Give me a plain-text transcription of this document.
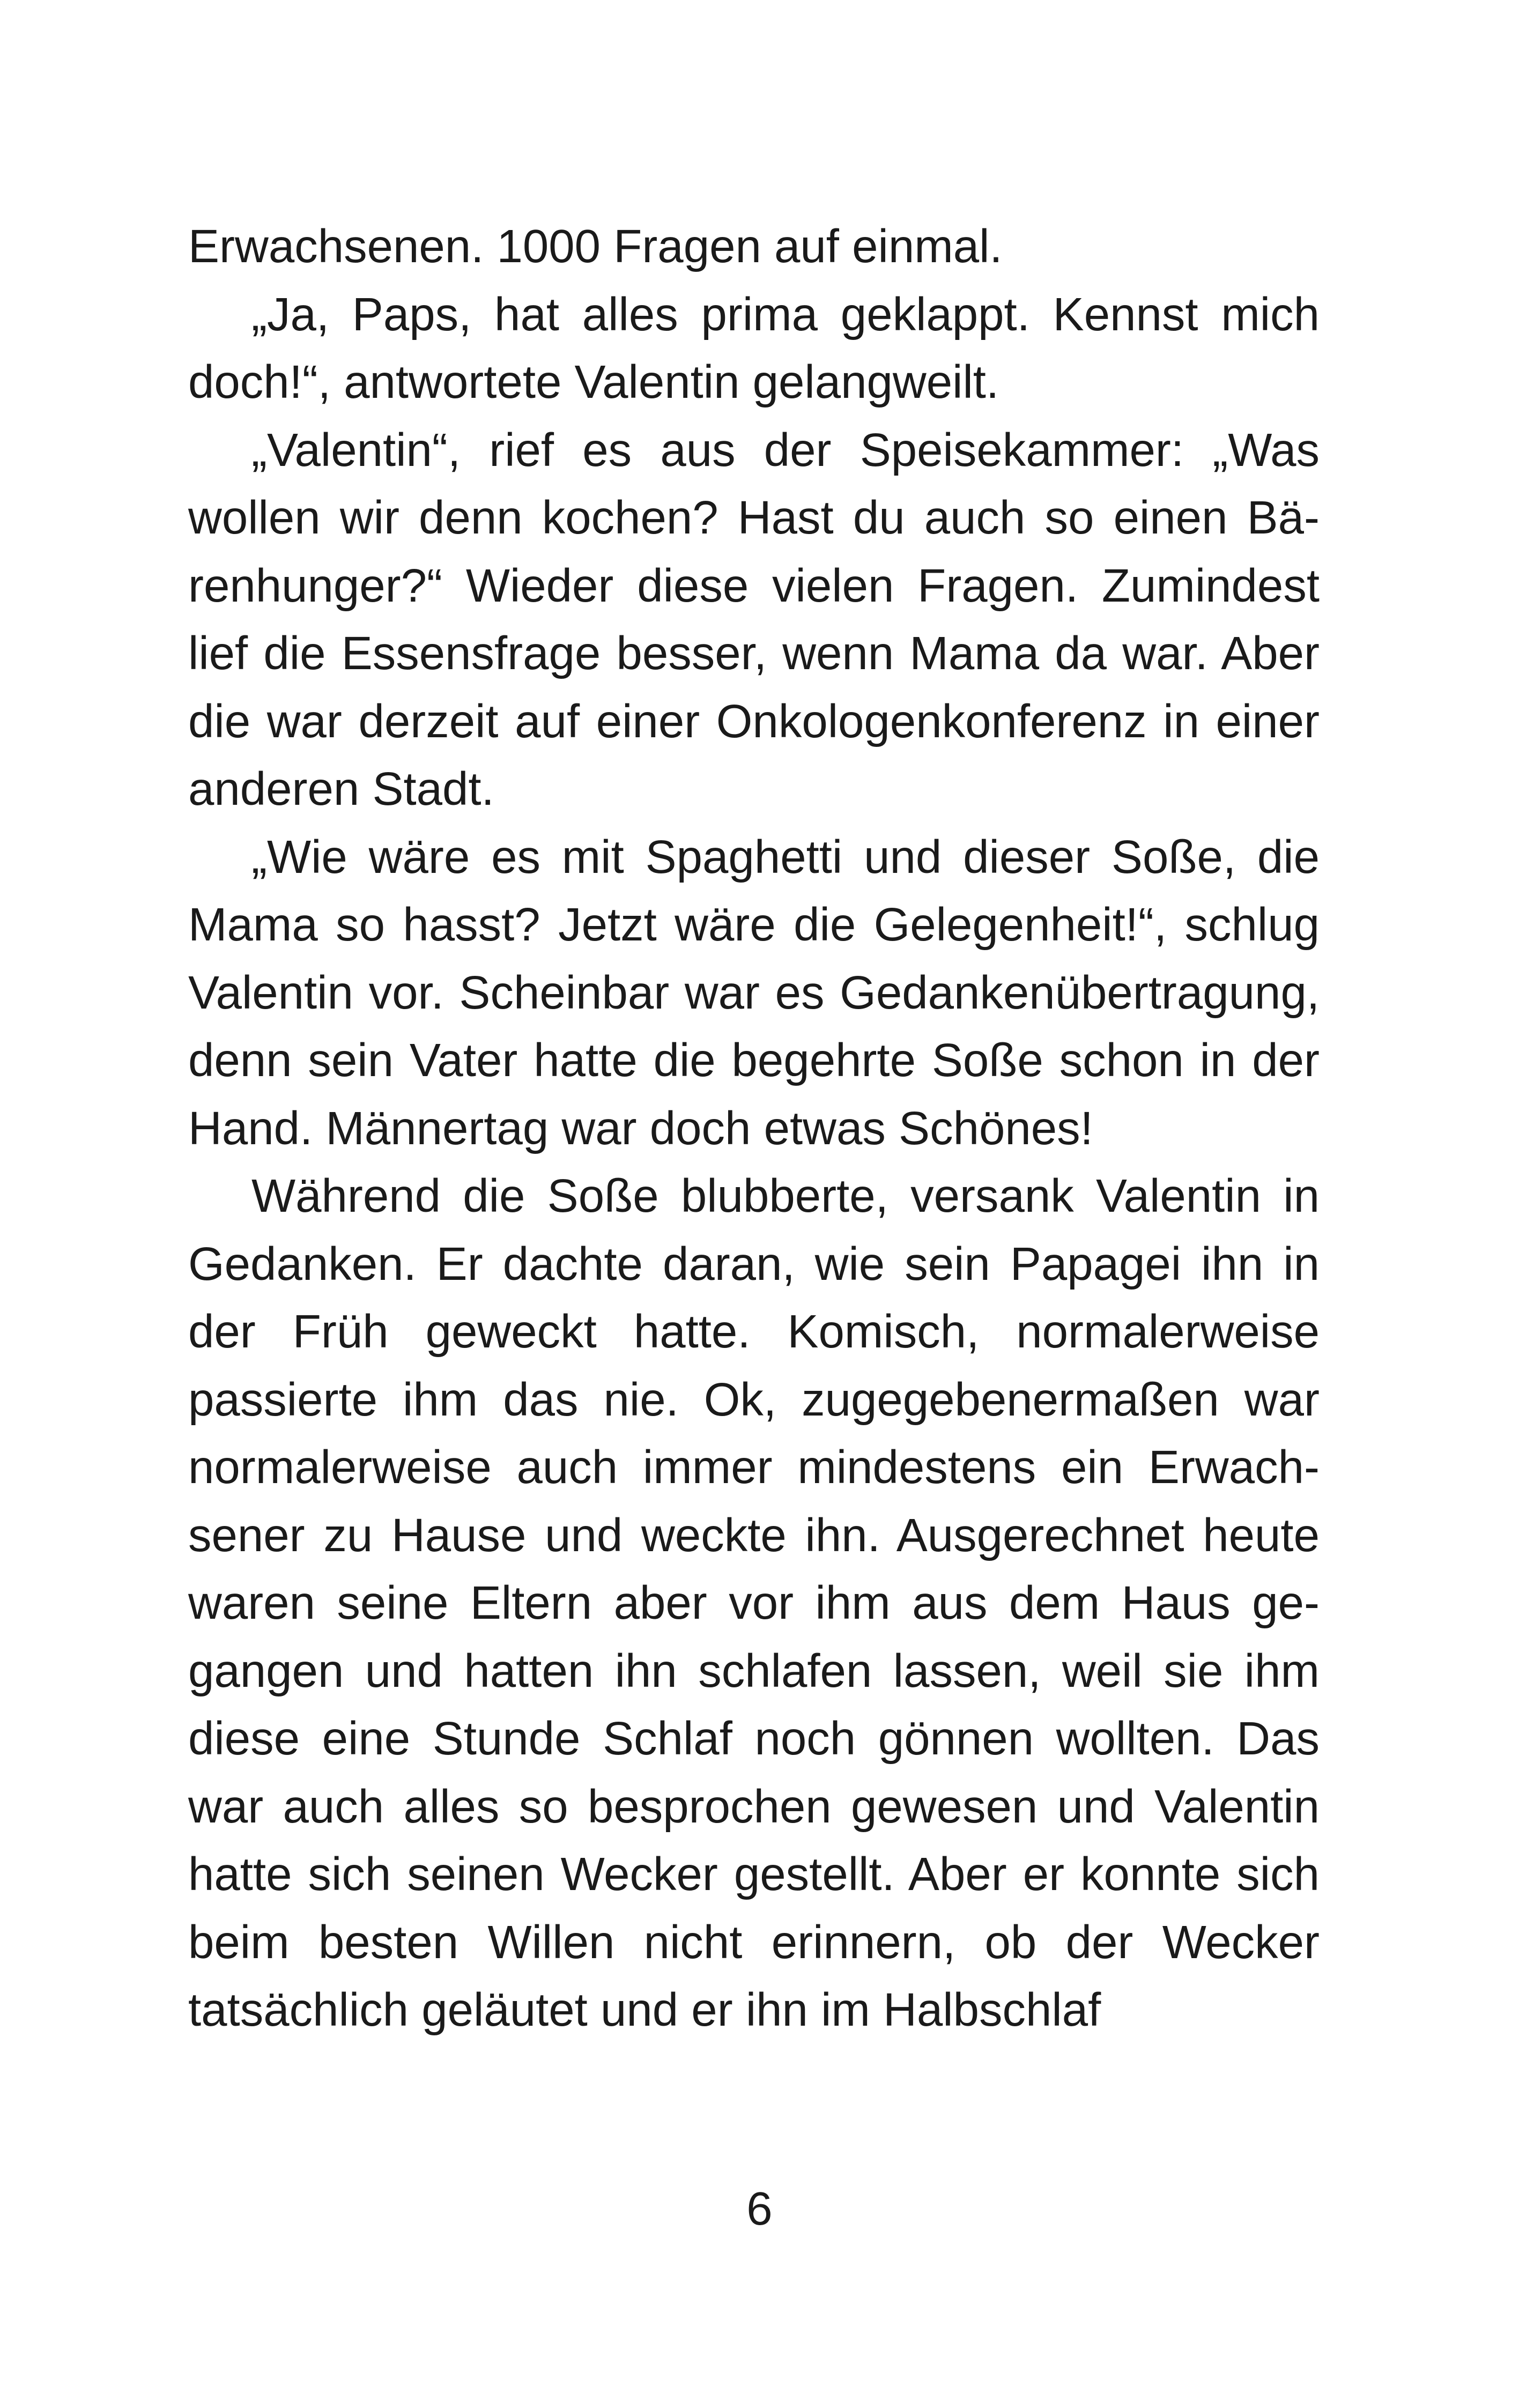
Erwachsenen. 1000 Fragen auf einmal.

„Ja, Paps, hat alles prima geklappt. Kennst mich doch!“, antwortete Valentin gelangweilt.

„Valentin“, rief es aus der Speisekammer: „Was wollen wir denn kochen? Hast du auch so einen Bärenhunger?“ Wieder diese vielen Fragen. Zumindest lief die Essensfrage besser, wenn Mama da war. Aber die war derzeit auf einer Onkologenkonferenz in einer anderen Stadt.

„Wie wäre es mit Spaghetti und dieser Soße, die Mama so hasst? Jetzt wäre die Gelegenheit!“, schlug Valentin vor. Scheinbar war es Gedankenübertragung, denn sein Vater hatte die begehrte Soße schon in der Hand. Männertag war doch etwas Schönes!

Während die Soße blubberte, versank Valentin in Gedanken. Er dachte daran, wie sein Papagei ihn in der Früh geweckt hatte. Komisch, normalerweise passierte ihm das nie. Ok, zugegebenermaßen war normalerweise auch immer mindestens ein Erwachsener zu Hause und weckte ihn. Ausgerechnet heute waren seine Eltern aber vor ihm aus dem Haus gegangen und hatten ihn schlafen lassen, weil sie ihm diese eine Stunde Schlaf noch gönnen wollten. Das war auch alles so besprochen gewesen und Valentin hatte sich seinen Wecker gestellt. Aber er konnte sich beim besten Willen nicht erinnern, ob der Wecker tatsächlich geläutet und er ihn im Halbschlaf

6
